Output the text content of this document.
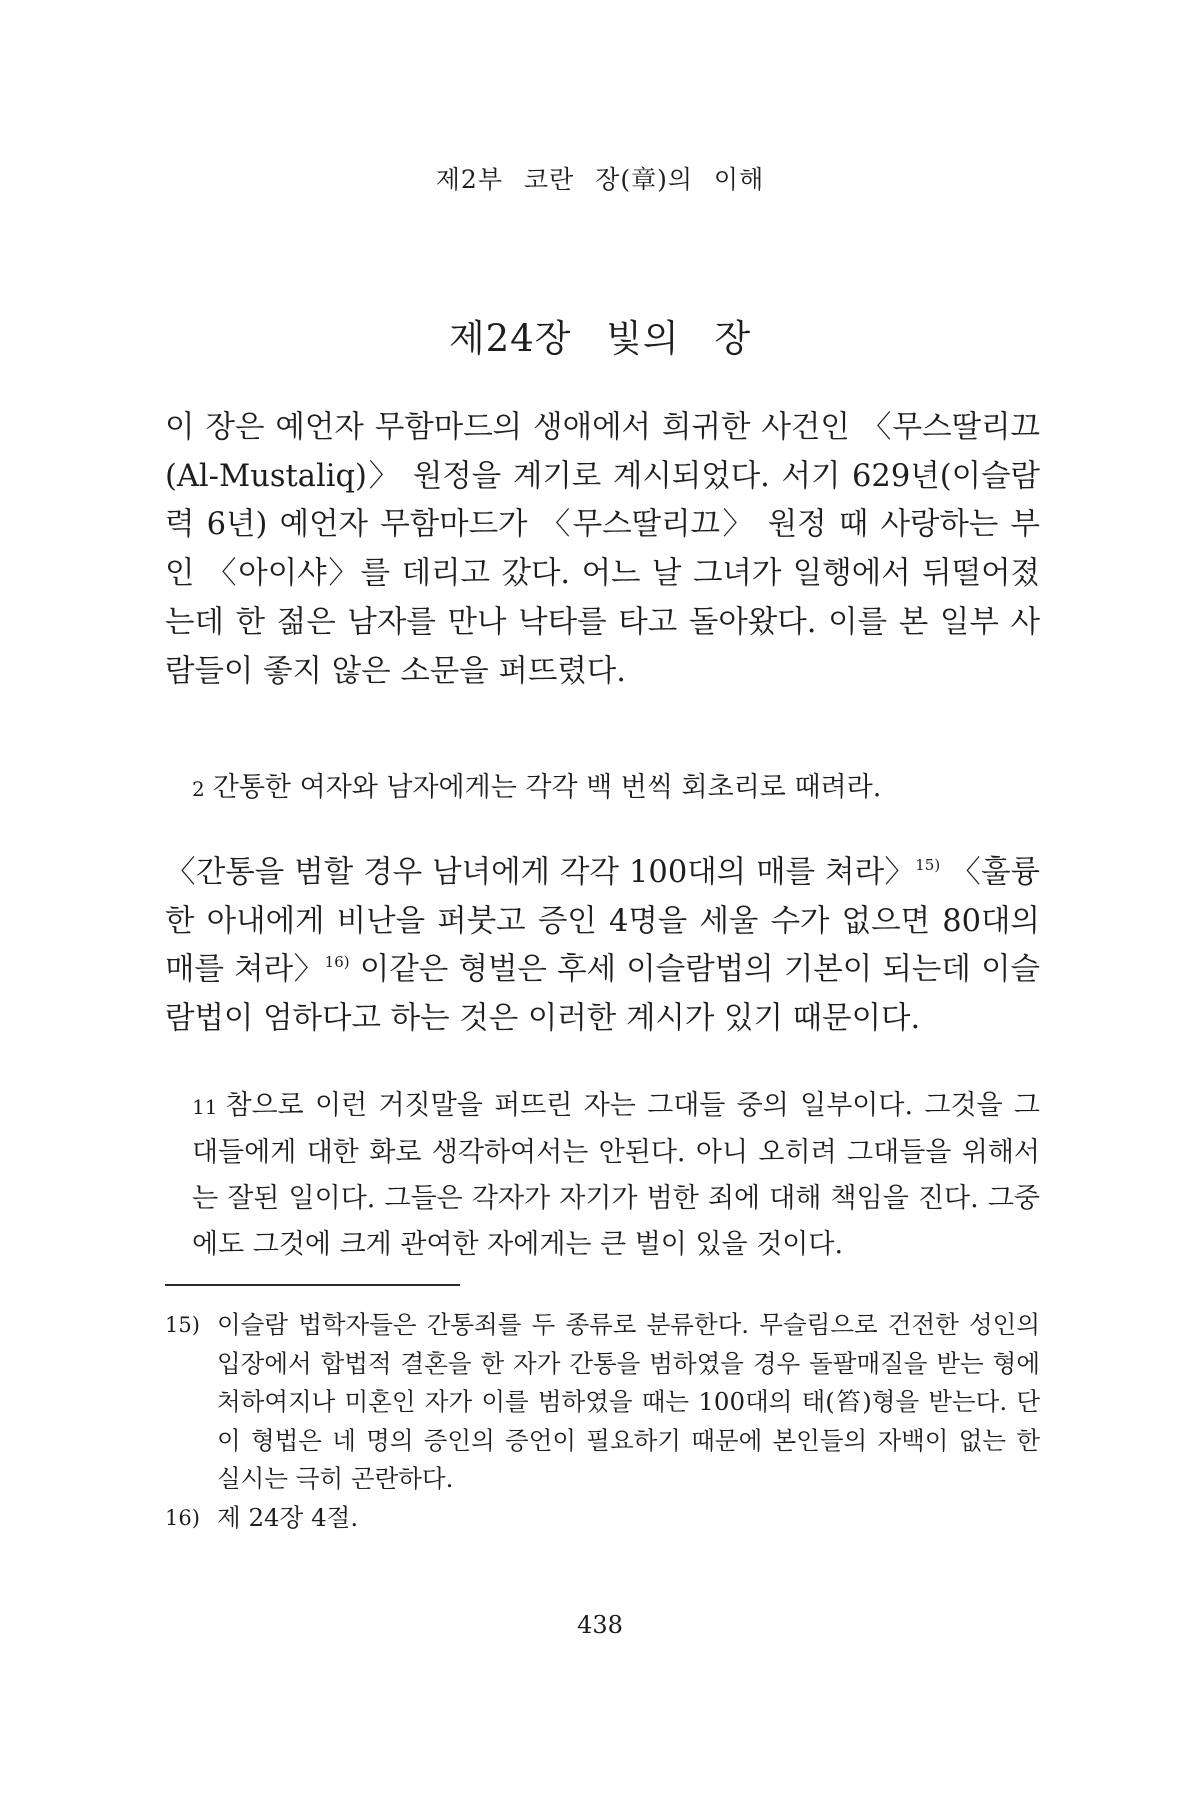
제2부 코란 장(章)의 이해
제24장 빛의 장

이 장은 예언자 무함마드의 생애에서 희귀한 사건인 〈무스딸리끄(Al-Mustaliq)〉 원정을 계기로 계시되었다. 서기 629년(이슬람력 6년) 예언자 무함마드가 〈무스딸리끄〉 원정 때 사랑하는 부인 〈아이샤〉를 데리고 갔다. 어느 날 그녀가 일행에서 뒤떨어졌는데 한 젊은 남자를 만나 낙타를 타고 돌아왔다. 이를 본 일부 사람들이 좋지 않은 소문을 퍼뜨렸다.

2 간통한 여자와 남자에게는 각각 백 번씩 회초리로 때려라.

〈간통을 범할 경우 남녀에게 각각 100대의 매를 쳐라〉$^{15)}$ 〈훌륭한 아내에게 비난을 퍼붓고 증인 4명을 세울 수가 없으면 80대의 매를 쳐라〉$^{16)}$ 이같은 형벌은 후세 이슬람법의 기본이 되는데 이슬람법이 엄하다고 하는 것은 이러한 계시가 있기 때문이다.

11 참으로 이런 거짓말을 퍼뜨린 자는 그대들 중의 일부이다. 그것을 그대들에게 대한 화로 생각하여서는 안된다. 아니 오히려 그대들을 위해서는 잘된 일이다. 그들은 각자가 자기가 범한 죄에 대해 책임을 진다. 그중에도 그것에 크게 관여한 자에게는 큰 벌이 있을 것이다.

15) 이슬람 법학자들은 간통죄를 두 종류로 분류한다. 무슬림으로 건전한 성인의 입장에서 합법적 결혼을 한 자가 간통을 범하였을 경우 돌팔매질을 받는 형에 처하여지나 미혼인 자가 이를 범하였을 때는 100대의 태(笞)형을 받는다. 단 이 형법은 네 명의 증인의 증언이 필요하기 때문에 본인들의 자백이 없는 한 실시는 극히 곤란하다.
16) 제 24장 4절.
438
